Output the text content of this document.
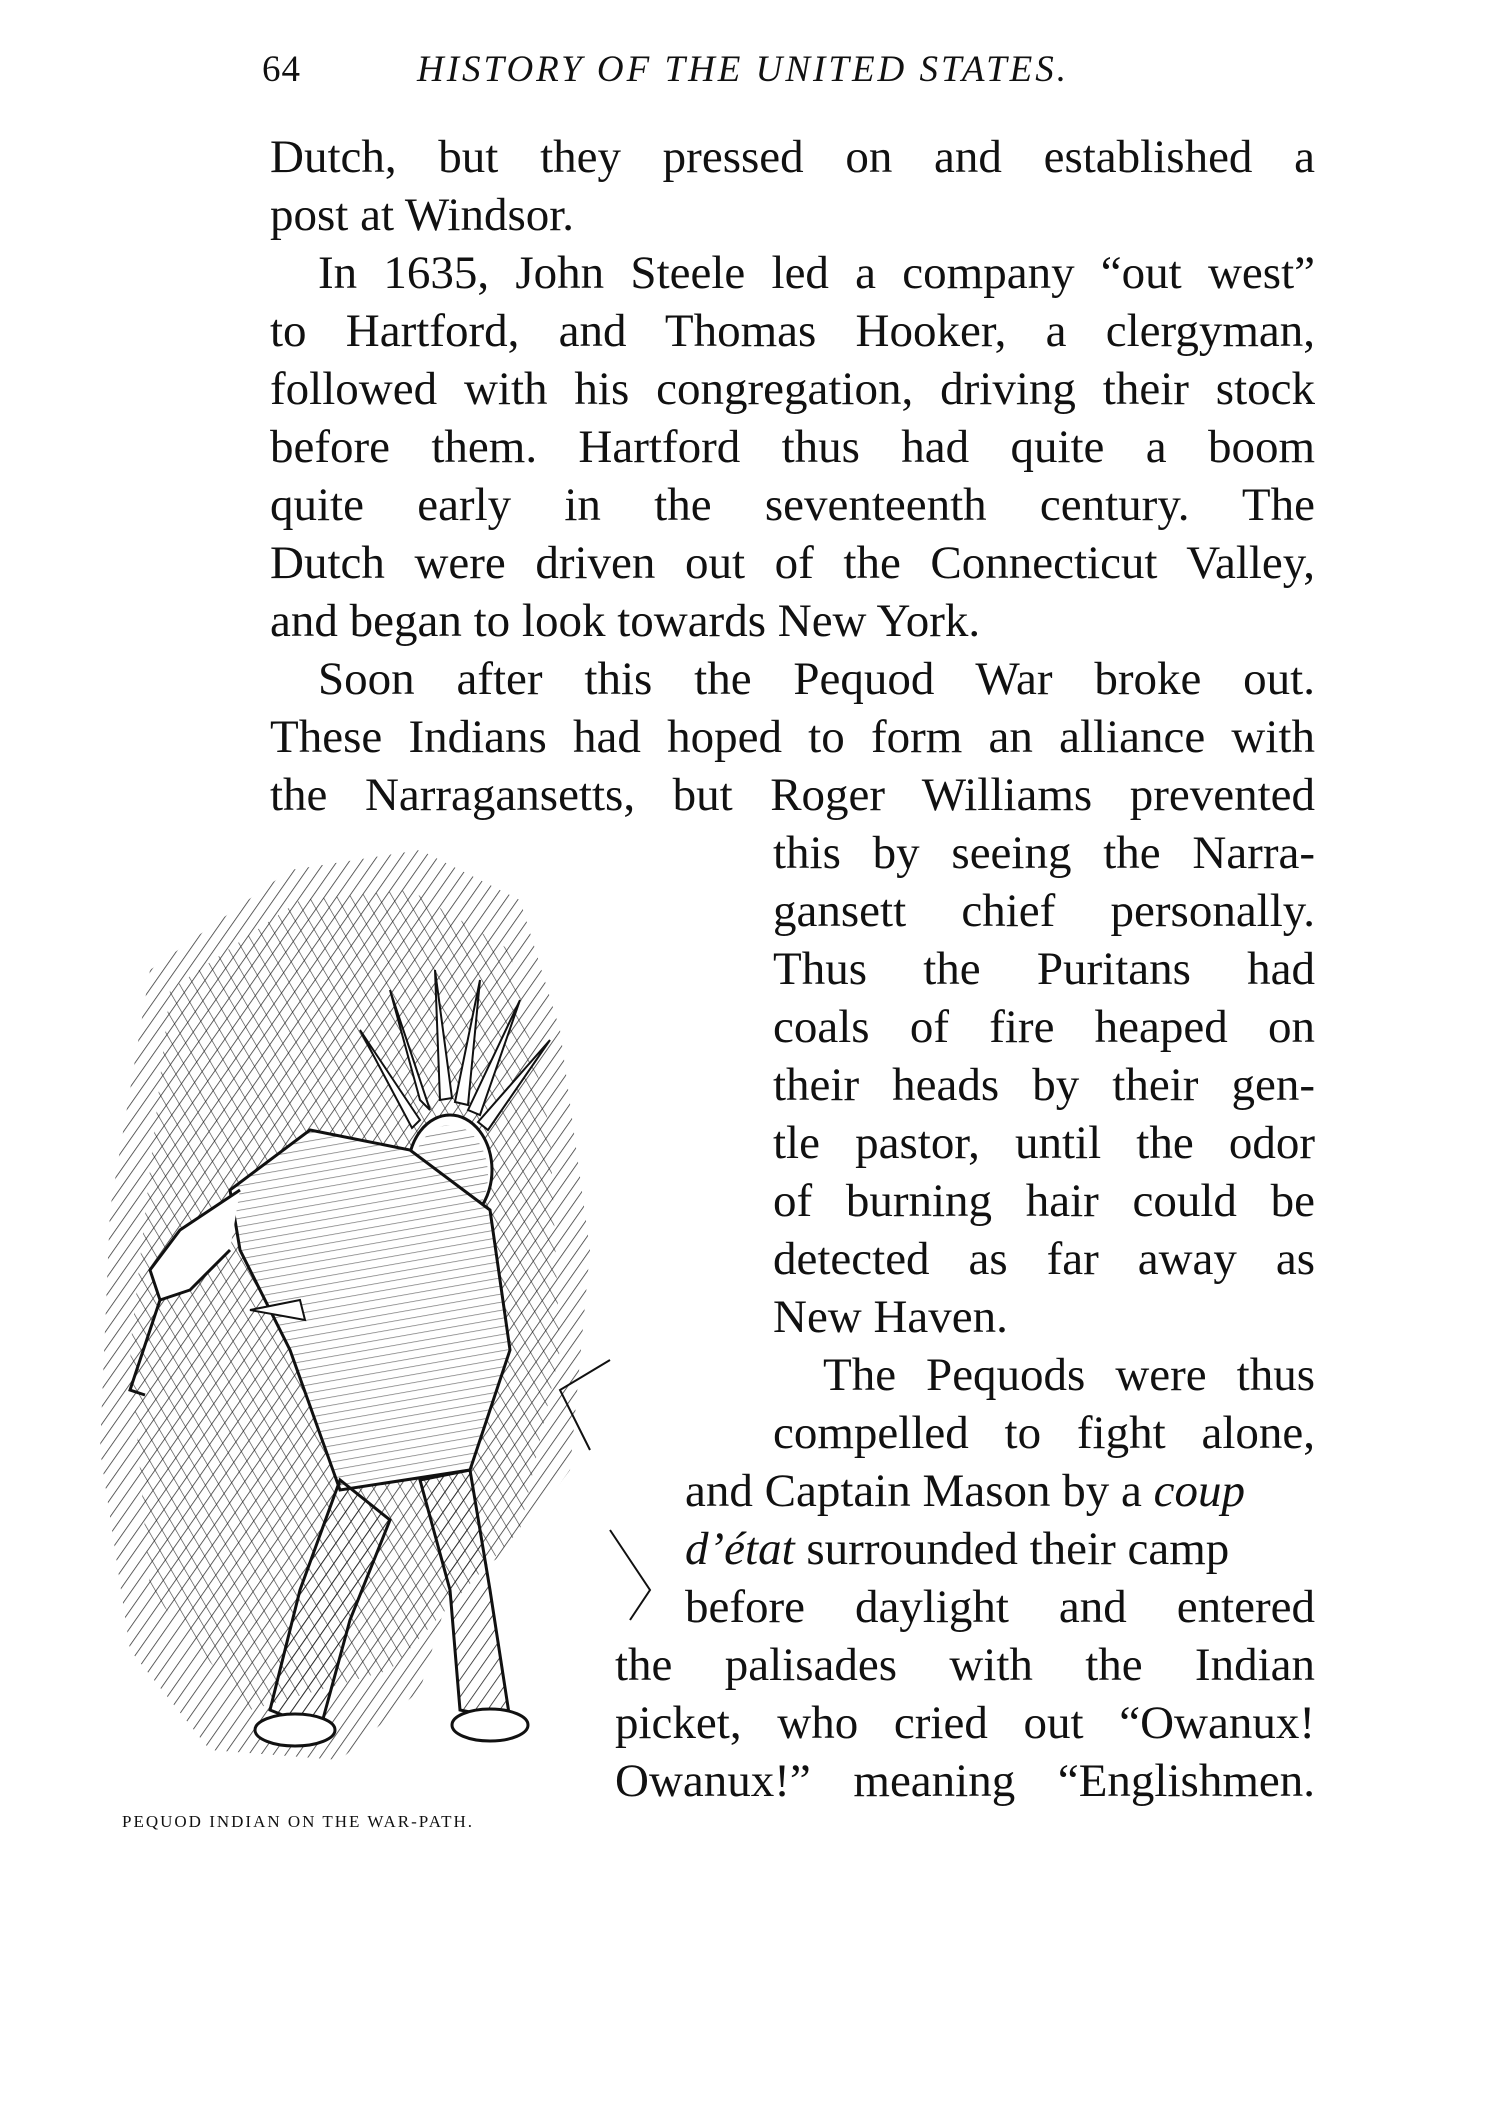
64	HISTORY OF THE UNITED STATES.
Dutch, but they pressed on and established a
post at Windsor.
In 1635, John Steele led a company “out west”
to Hartford, and Thomas Hooker, a clergyman,
followed with his congregation, driving their stock
before them. Hartford thus had quite a boom
quite early in the seventeenth century. The
Dutch were driven out of the Connecticut Valley,
and began to look towards New York.
Soon after this the Pequod War broke out.
These Indians had hoped to form an alliance with
the Narragansetts, but Roger Williams prevented
this by seeing the Narra-
gansett chief personally.
Thus the Puritans had
coals of fire heaped on
their heads by their gen-
tle pastor, until the odor
of burning hair could be
detected as far away as
New Haven.
The Pequods were thus
compelled to fight alone,
and Captain Mason by a coup
d’état surrounded their camp
before daylight and entered
the palisades with the Indian
picket, who cried out “Owanux!
Owanux!” meaning “Englishmen.
PEQUOD INDIAN ON THE WAR-PATH.
